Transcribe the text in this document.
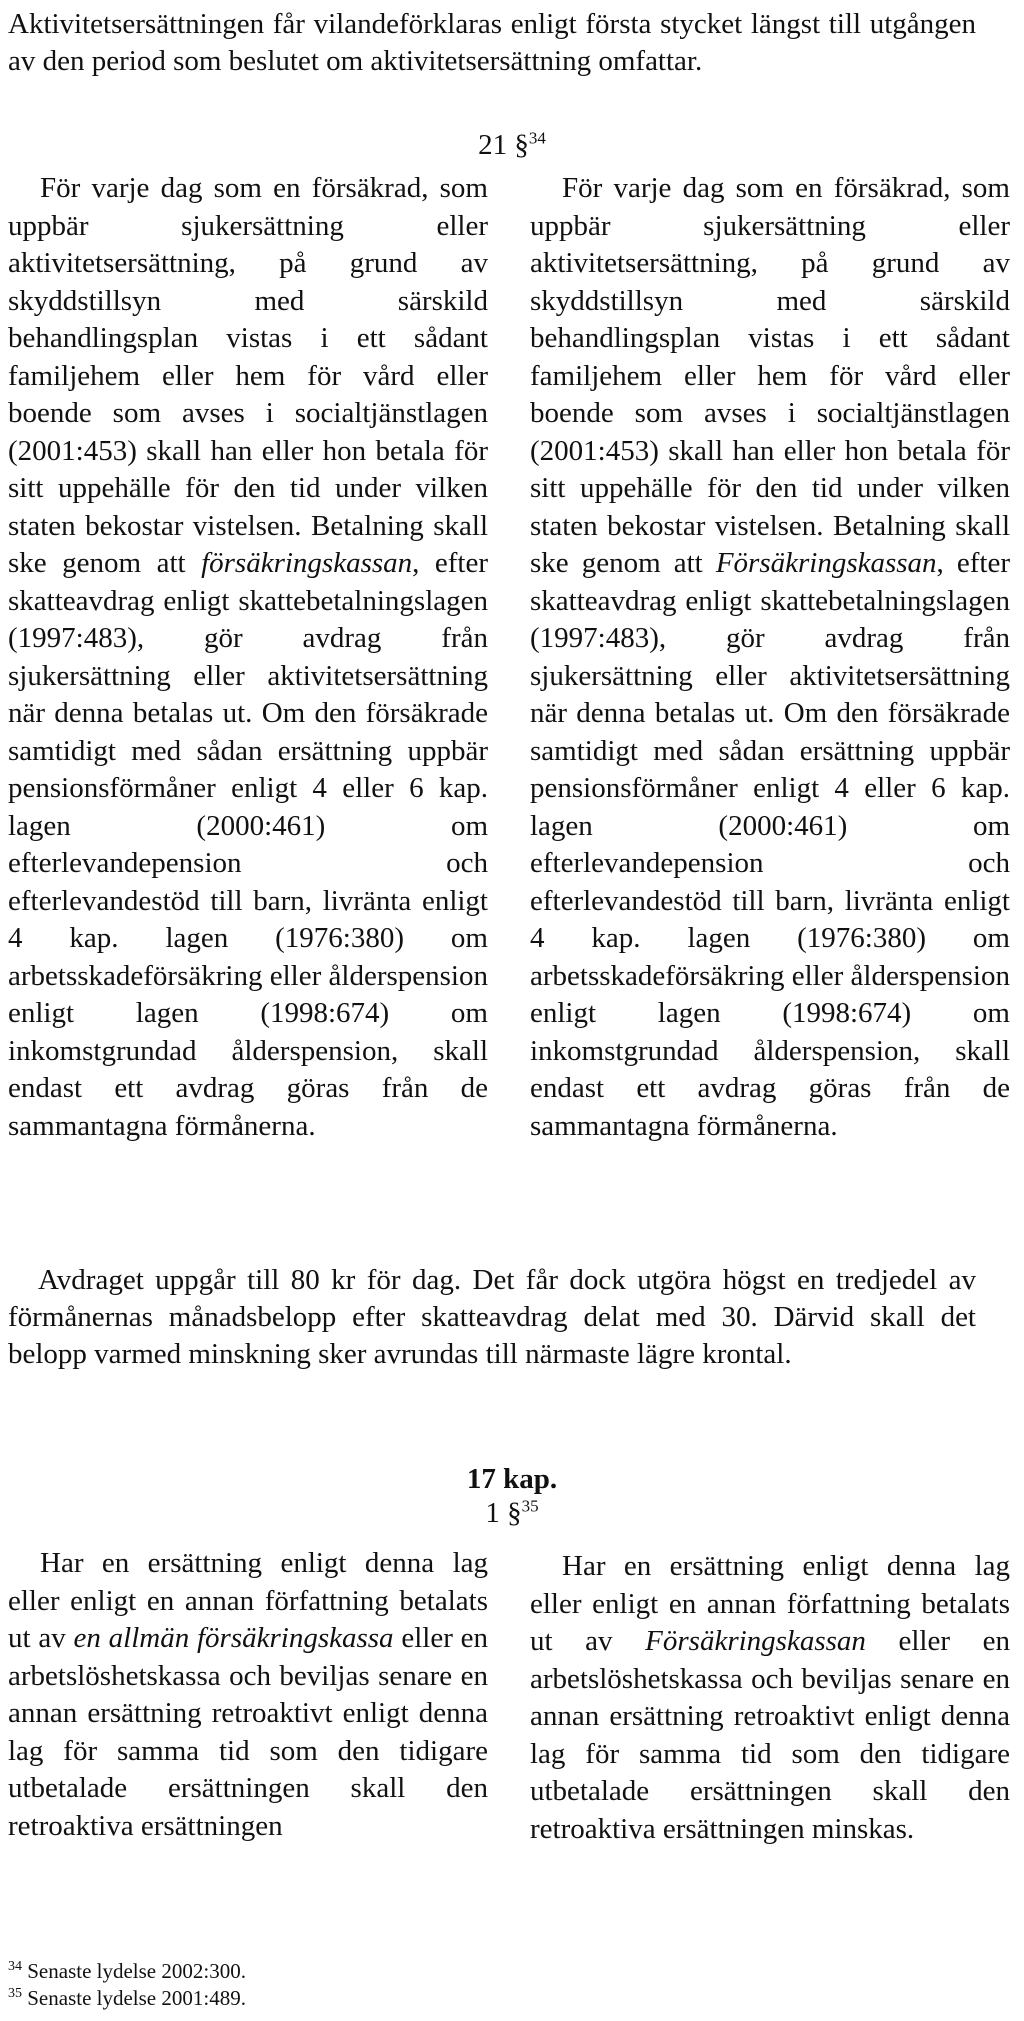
Aktivitetsersättningen får vilandeförklaras enligt första stycket längst till utgången av den period som beslutet om aktivitetsersättning omfattar.

21 §$^{34}$
För varje dag som en försäkrad, som uppbär sjukersättning eller aktivitetsersättning, på grund av skyddstillsyn med särskild behandlingsplan vistas i ett sådant familjehem eller hem för vård eller boende som avses i socialtjänstlagen (2001:453) skall han eller hon betala för sitt uppehälle för den tid under vilken staten bekostar vistelsen. Betalning skall ske genom att försäkringskassan, efter skatteavdrag enligt skattebetalningslagen (1997:483), gör avdrag från sjukersättning eller aktivitetsersättning när denna betalas ut. Om den försäkrade samtidigt med sådan ersättning uppbär pensionsförmåner enligt 4 eller 6 kap. lagen (2000:461) om efterlevandepension och efterlevandestöd till barn, livränta enligt 4 kap. lagen (1976:380) om arbetsskadeförsäkring eller ålderspension enligt lagen (1998:674) om inkomstgrundad ålderspension, skall endast ett avdrag göras från de sammantagna förmånerna.
För varje dag som en försäkrad, som uppbär sjukersättning eller aktivitetsersättning, på grund av skyddstillsyn med särskild behandlingsplan vistas i ett sådant familjehem eller hem för vård eller boende som avses i socialtjänstlagen (2001:453) skall han eller hon betala för sitt uppehälle för den tid under vilken staten bekostar vistelsen. Betalning skall ske genom att Försäkringskassan, efter skatteavdrag enligt skattebetalningslagen (1997:483), gör avdrag från sjukersättning eller aktivitetsersättning när denna betalas ut. Om den försäkrade samtidigt med sådan ersättning uppbär pensionsförmåner enligt 4 eller 6 kap. lagen (2000:461) om efterlevandepension och efterlevandestöd till barn, livränta enligt 4 kap. lagen (1976:380) om arbetsskadeförsäkring eller ålderspension enligt lagen (1998:674) om inkomstgrundad ålderspension, skall endast ett avdrag göras från de sammantagna förmånerna.

Avdraget uppgår till 80 kr för dag. Det får dock utgöra högst en tredjedel av förmånernas månadsbelopp efter skatteavdrag delat med 30. Därvid skall det belopp varmed minskning sker avrundas till närmaste lägre krontal.

17 kap.
1 §$^{35}$
Har en ersättning enligt denna lag eller enligt en annan författning betalats ut av en allmän försäkringskassa eller en arbetslöshetskassa och beviljas senare en annan ersättning retroaktivt enligt denna lag för samma tid som den tidigare utbetalade ersättningen skall den retroaktiva ersättningen
Har en ersättning enligt denna lag eller enligt en annan författning betalats ut av Försäkringskassan eller en arbetslöshetskassa och beviljas senare en annan ersättning retroaktivt enligt denna lag för samma tid som den tidigare utbetalade ersättningen skall den retroaktiva ersättningen minskas.
$^{34}$ Senaste lydelse 2002:300.
$^{35}$ Senaste lydelse 2001:489.
